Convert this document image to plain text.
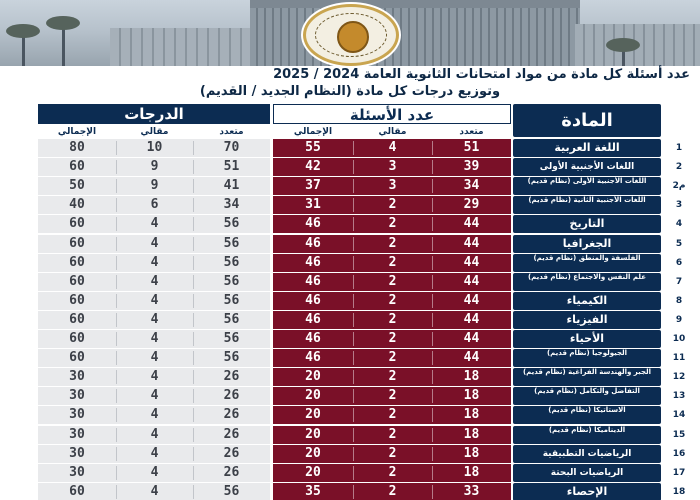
عدد أسئلة كل مادة من مواد امتحانات الثانوية العامة 2024 / 2025
وتوزيع درجات كل مادة (النظام الجديد / القديم)
المادة
عدد الأسئلة
الدرجات
متعدد
مقالي
الإجمالي
متعدد
مقالي
الإجمالي
1
اللغة العربية
51
4
55
70
10
80
2
اللغات الأجنبية الأولى
39
3
42
51
9
60
2م
اللغات الأجنبية الأولى (نظام قديم)
34
3
37
41
9
50
3
اللغات الأجنبية الثانية (نظام قديم)
29
2
31
34
6
40
4
التاريخ
44
2
46
56
4
60
5
الجغرافيا
44
2
46
56
4
60
6
الفلسفة والمنطق (نظام قديم)
44
2
46
56
4
60
7
علم النفس والاجتماع (نظام قديم)
44
2
46
56
4
60
8
الكيمياء
44
2
46
56
4
60
9
الفيزياء
44
2
46
56
4
60
10
الأحياء
44
2
46
56
4
60
11
الجيولوجيا (نظام قديم)
44
2
46
56
4
60
12
الجبر والهندسة الفراغية (نظام قديم)
18
2
20
26
4
30
13
التفاضل والتكامل (نظام قديم)
18
2
20
26
4
30
14
الاستاتيكا (نظام قديم)
18
2
20
26
4
30
15
الديناميكا (نظام قديم)
18
2
20
26
4
30
16
الرياضيات التطبيقية
18
2
20
26
4
30
17
الرياضيات البحتة
18
2
20
26
4
30
18
الإحصاء
33
2
35
56
4
60
